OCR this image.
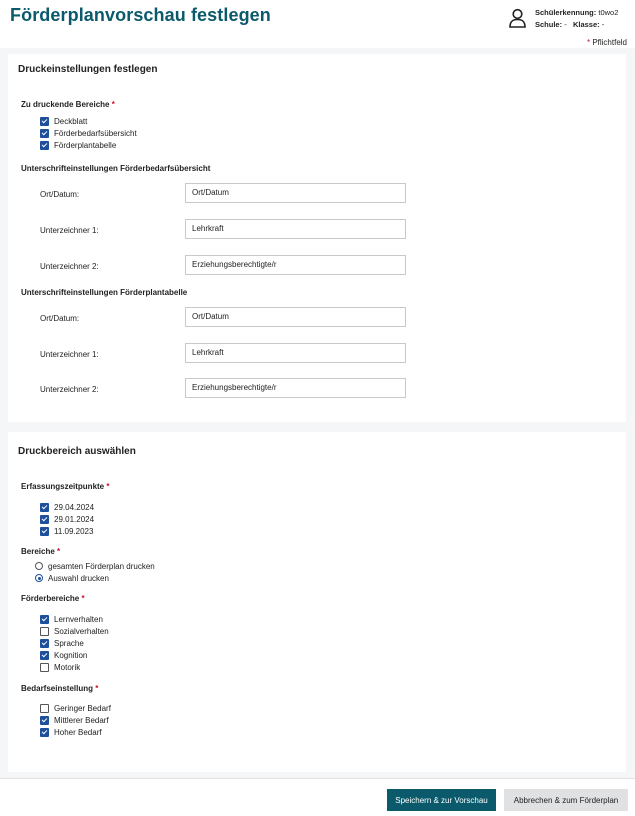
Förderplanvorschau festlegen	Schülerkennung: t0wo2
Schule: - Klasse: -
* Pflichtfeld
Druckeinstellungen festlegen
Zu druckende Bereiche *
Deckblatt
Förderbedarfsübersicht
Förderplantabelle
Unterschrifteinstellungen Förderbedarfsübersicht
Ort/Datum:	Ort/Datum
Unterzeichner 1:	Lehrkraft
Unterzeichner 2:	Erziehungsberechtigte/r
Unterschrifteinstellungen Förderplantabelle
Ort/Datum:	Ort/Datum
Unterzeichner 1:	Lehrkraft
Unterzeichner 2:	Erziehungsberechtigte/r
Druckbereich auswählen
Erfassungszeitpunkte *
29.04.2024
29.01.2024
11.09.2023
Bereiche *
gesamten Förderplan drucken
Auswahl drucken
Förderbereiche *
Lernverhalten
Sozialverhalten
Sprache
Kognition
Motorik
Bedarfseinstellung *
Geringer Bedarf
Mittlerer Bedarf
Hoher Bedarf
Speichern & zur Vorschau	Abbrechen & zum Förderplan
